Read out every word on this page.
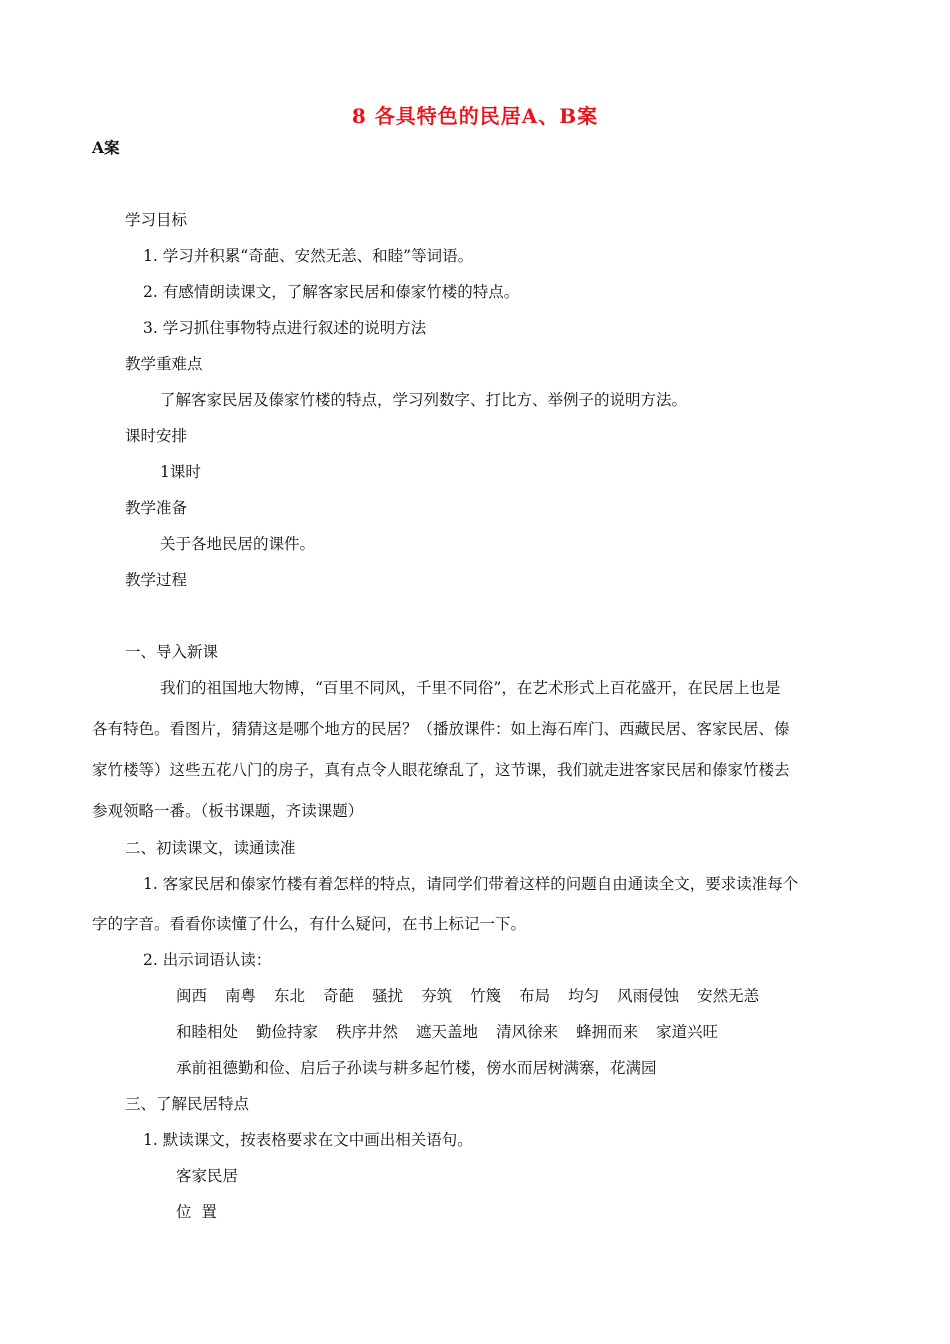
8 各具特色的民居A、B案
A案
学习目标
1. 学习并积累“奇葩、安然无恙、和睦”等词语。
2. 有感情朗读课文，了解客家民居和傣家竹楼的特点。
3. 学习抓住事物特点进行叙述的说明方法
教学重难点
了解客家民居及傣家竹楼的特点，学习列数字、打比方、举例子的说明方法。
课时安排
1课时
教学准备
关于各地民居的课件。
教学过程
一、导入新课
我们的祖国地大物博，“百里不同风，千里不同俗”，在艺术形式上百花盛开，在民居上也是
各有特色。看图片，猜猜这是哪个地方的民居？（播放课件：如上海石库门、西藏民居、客家民居、傣
家竹楼等）这些五花八门的房子，真有点令人眼花缭乱了，这节课，我们就走进客家民居和傣家竹楼去
参观领略一番。（板书课题，齐读课题）
二、初读课文，读通读准
1. 客家民居和傣家竹楼有着怎样的特点，请同学们带着这样的问题自由通读全文，要求读准每个
字的字音。看看你读懂了什么，有什么疑问，在书上标记一下。
2. 出示词语认读：
闽西 南粤 东北 奇葩 骚扰 夯筑 竹篾 布局 均匀 风雨侵蚀 安然无恙
和睦相处 勤俭持家 秩序井然 遮天盖地 清风徐来 蜂拥而来 家道兴旺
承前祖德勤和俭、启后子孙读与耕多起竹楼，傍水而居树满寨，花满园
三、了解民居特点
1. 默读课文，按表格要求在文中画出相关语句。
客家民居
位  置
